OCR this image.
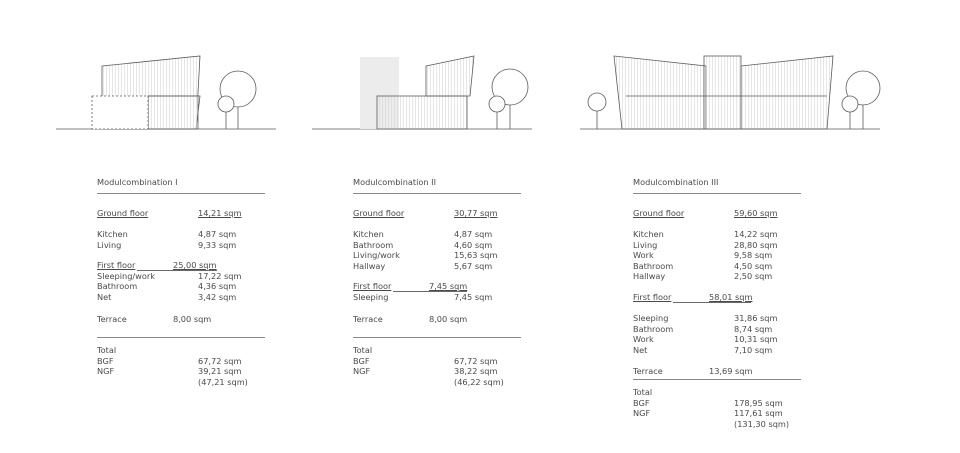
Modulcombination I
Ground floor	14,21 sqm
Kitchen	4,87 sqm
Living	9,33 sqm
First floor	25,00 sqm
Sleeping/work	17,22 sqm
Bathroom	4,36 sqm
Net	3,42 sqm
Terrace	8,00 sqm
Total
BGF	67,72 sqm
NGF	39,21 sqm
(47,21 sqm)
Modulcombination II
Ground floor	30,77 sqm
Kitchen	4,87 sqm
Bathroom	4,60 sqm
Living/work	15,63 sqm
Hallway	5,67 sqm
First floor	7,45 sqm
Sleeping	7,45 sqm
Terrace	8,00 sqm
Total
BGF	67,72 sqm
NGF	38,22 sqm
(46,22 sqm)
Modulcombination III
Ground floor	59,60 sqm
Kitchen	14,22 sqm
Living	28,80 sqm
Work	9,58 sqm
Bathroom	4,50 sqm
Hallway	2,50 sqm
First floor	58,01 sqm
Sleeping	31,86 sqm
Bathroom	8,74 sqm
Work	10,31 sqm
Net	7,10 sqm
Terrace	13,69 sqm
Total
BGF	178,95 sqm
NGF	117,61 sqm
(131,30 sqm)
